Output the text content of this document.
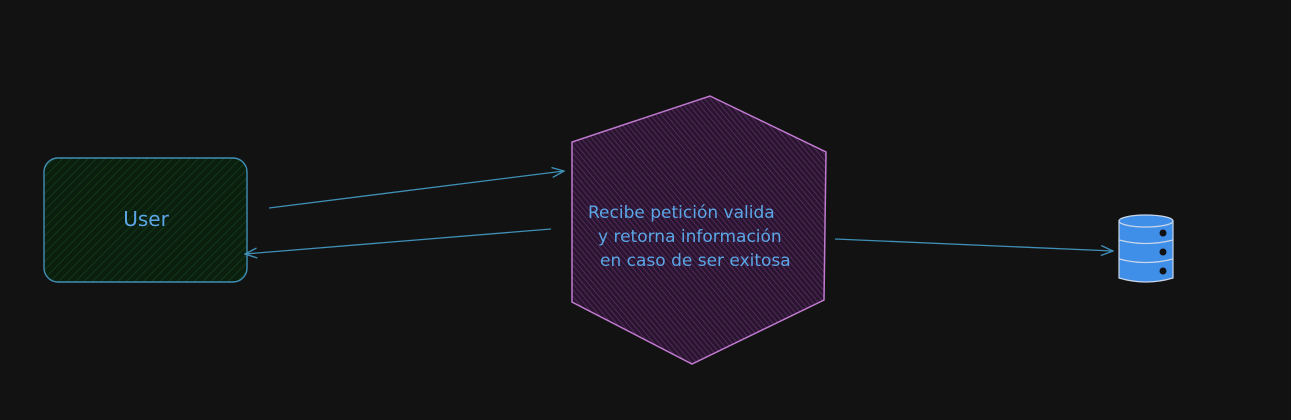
User	Recibe petición valida
y retorna información
en caso de ser exitosa
